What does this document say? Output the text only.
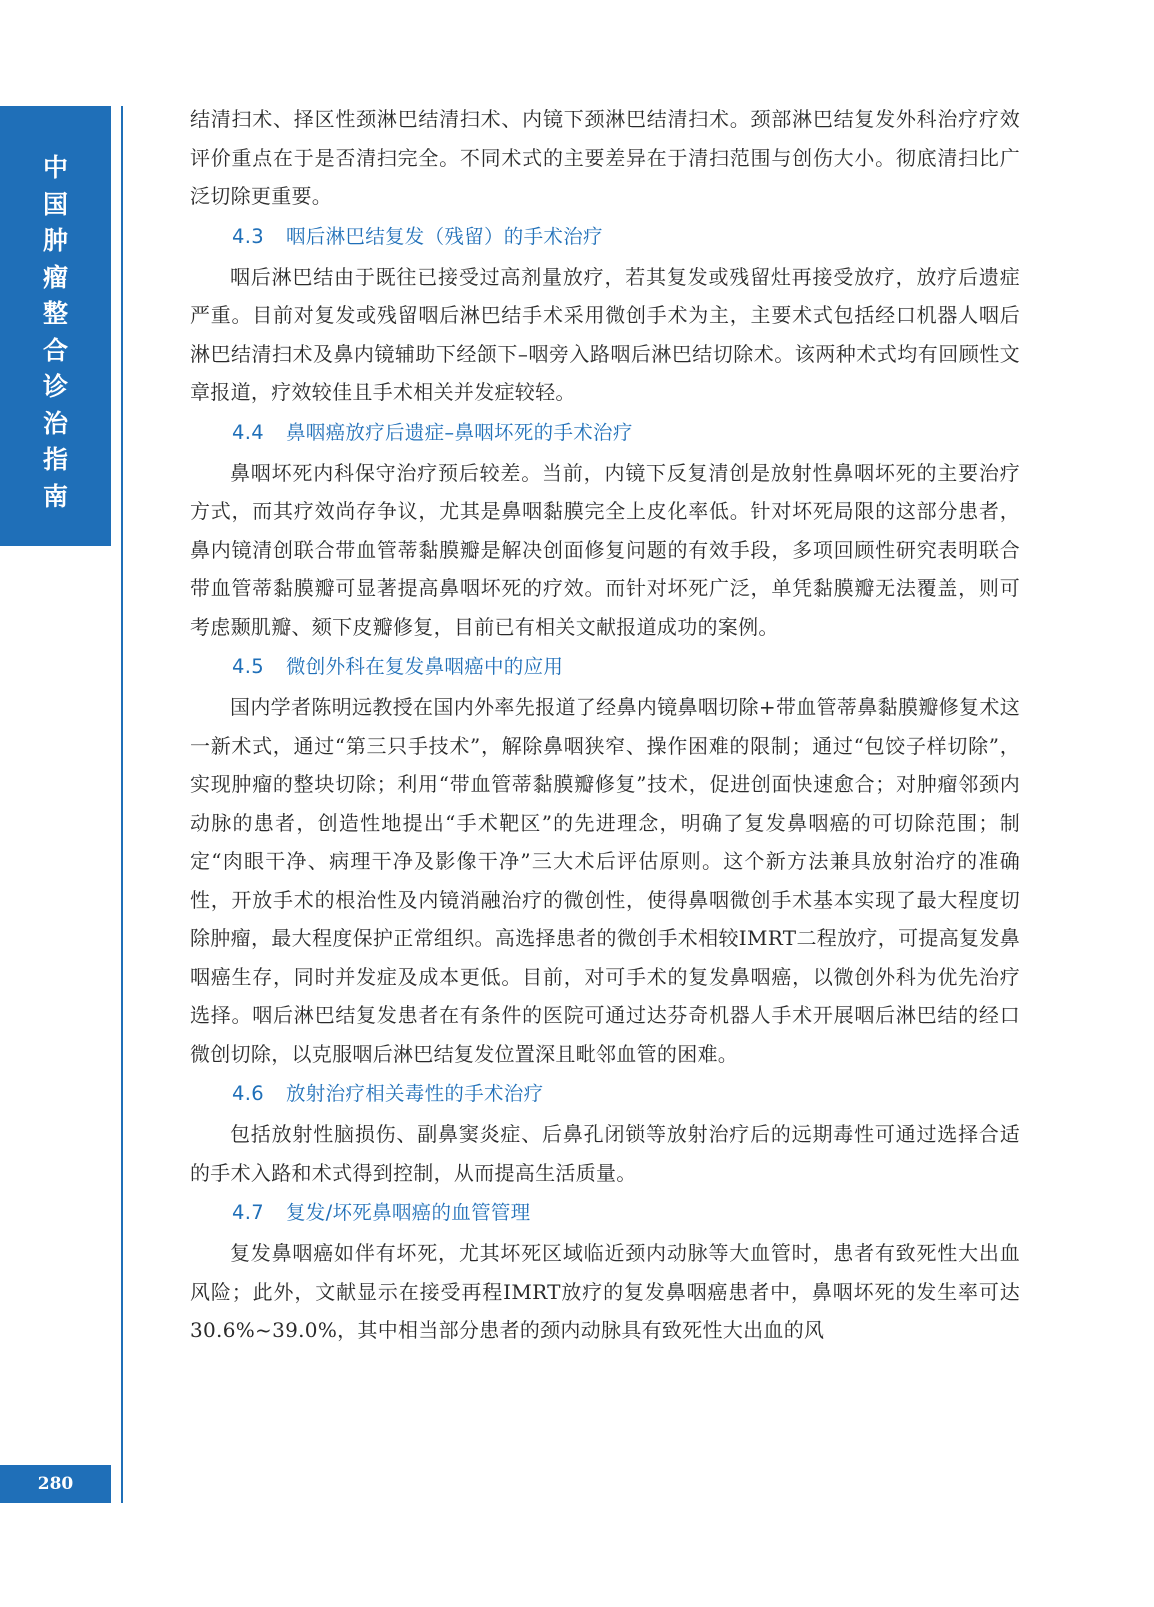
中
国
肿
瘤
整
合
诊
治
指
南
280

结清扫术、择区性颈淋巴结清扫术、内镜下颈淋巴结清扫术。颈部淋巴结复发外科治疗疗效评价重点在于是否清扫完全。不同术式的主要差异在于清扫范围与创伤大小。彻底清扫比广泛切除更重要。

4.3 咽后淋巴结复发（残留）的手术治疗

咽后淋巴结由于既往已接受过高剂量放疗，若其复发或残留灶再接受放疗，放疗后遗症严重。目前对复发或残留咽后淋巴结手术采用微创手术为主，主要术式包括经口机器人咽后淋巴结清扫术及鼻内镜辅助下经颌下–咽旁入路咽后淋巴结切除术。该两种术式均有回顾性文章报道，疗效较佳且手术相关并发症较轻。

4.4 鼻咽癌放疗后遗症–鼻咽坏死的手术治疗

鼻咽坏死内科保守治疗预后较差。当前，内镜下反复清创是放射性鼻咽坏死的主要治疗方式，而其疗效尚存争议，尤其是鼻咽黏膜完全上皮化率低。针对坏死局限的这部分患者，鼻内镜清创联合带血管蒂黏膜瓣是解决创面修复问题的有效手段，多项回顾性研究表明联合带血管蒂黏膜瓣可显著提高鼻咽坏死的疗效。而针对坏死广泛，单凭黏膜瓣无法覆盖，则可考虑颞肌瓣、颏下皮瓣修复，目前已有相关文献报道成功的案例。

4.5 微创外科在复发鼻咽癌中的应用

国内学者陈明远教授在国内外率先报道了经鼻内镜鼻咽切除+带血管蒂鼻黏膜瓣修复术这一新术式，通过“第三只手技术”，解除鼻咽狭窄、操作困难的限制；通过“包饺子样切除”，实现肿瘤的整块切除；利用“带血管蒂黏膜瓣修复”技术，促进创面快速愈合；对肿瘤邻颈内动脉的患者，创造性地提出“手术靶区”的先进理念，明确了复发鼻咽癌的可切除范围；制定“肉眼干净、病理干净及影像干净”三大术后评估原则。这个新方法兼具放射治疗的准确性，开放手术的根治性及内镜消融治疗的微创性，使得鼻咽微创手术基本实现了最大程度切除肿瘤，最大程度保护正常组织。高选择患者的微创手术相较IMRT二程放疗，可提高复发鼻咽癌生存，同时并发症及成本更低。目前，对可手术的复发鼻咽癌，以微创外科为优先治疗选择。咽后淋巴结复发患者在有条件的医院可通过达芬奇机器人手术开展咽后淋巴结的经口微创切除，以克服咽后淋巴结复发位置深且毗邻血管的困难。

4.6 放射治疗相关毒性的手术治疗

包括放射性脑损伤、副鼻窦炎症、后鼻孔闭锁等放射治疗后的远期毒性可通过选择合适的手术入路和术式得到控制，从而提高生活质量。

4.7 复发/坏死鼻咽癌的血管管理

复发鼻咽癌如伴有坏死，尤其坏死区域临近颈内动脉等大血管时，患者有致死性大出血风险；此外，文献显示在接受再程IMRT放疗的复发鼻咽癌患者中，鼻咽坏死的发生率可达30.6%~39.0%，其中相当部分患者的颈内动脉具有致死性大出血的风
